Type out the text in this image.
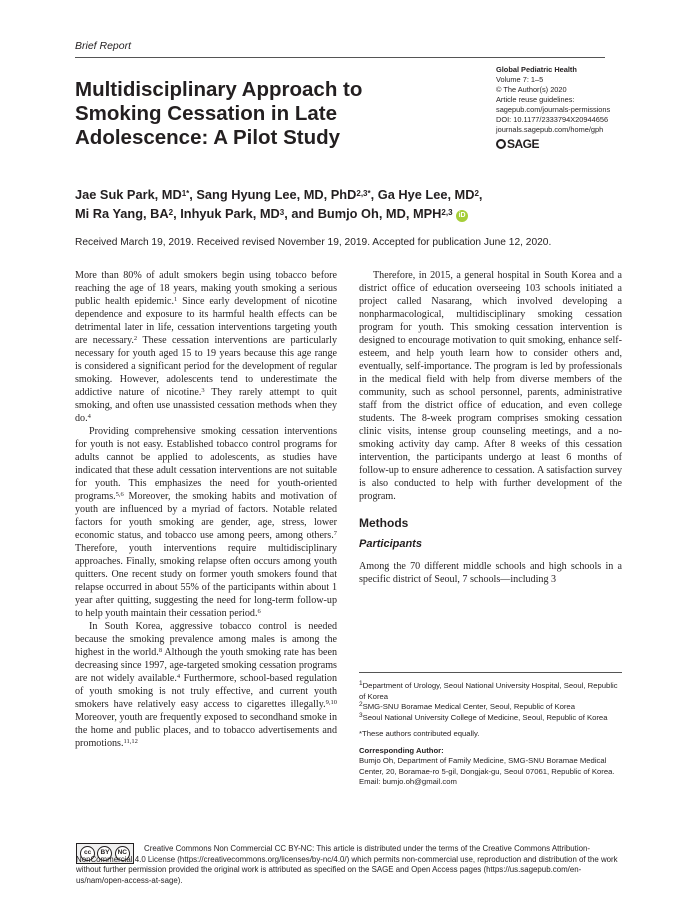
Brief Report
Multidisciplinary Approach to Smoking Cessation in Late Adolescence: A Pilot Study
Global Pediatric Health
Volume 7: 1–5
© The Author(s) 2020
Article reuse guidelines:
sagepub.com/journals-permissions
DOI: 10.1177/2333794X20944656
journals.sagepub.com/home/gph
SAGE
Jae Suk Park, $MD^{1*}$, Sang Hyung Lee, MD, PhD$^{2,3*}$, Ga Hye Lee, $MD^2$,
Mi Ra Yang, $BA^2$, Inhyuk Park, $MD^3$, and Bumjo Oh, MD, MPH$^{2,3}$ iD
Received March 19, 2019. Received revised November 19, 2019. Accepted for publication June 12, 2020.

More than 80% of adult smokers begin using tobacco before reaching the age of 18 years, making youth smoking a serious public health epidemic.$^1$ Since early development of nicotine dependence and exposure to its harmful health effects can be detrimental later in life, cessation interventions targeting youth are necessary.$^2$ These cessation interventions are particularly necessary for youth aged 15 to 19 years because this age range is considered a significant period for the development of regular smoking. However, adolescents tend to underestimate the addictive nature of nicotine.$^3$ They rarely attempt to quit smoking, and often use unassisted cessation methods when they do.$^4$

Providing comprehensive smoking cessation interventions for youth is not easy. Established tobacco control programs for adults cannot be applied to adolescents, as studies have indicated that these adult cessation interventions are not suitable for youth. This emphasizes the need for youth-oriented programs.$^{5,6}$ Moreover, the smoking habits and motivation of youth are influenced by a myriad of factors. Notable related factors for youth smoking are gender, age, stress, lower economic status, and tobacco use among peers, among others.$^7$ Therefore, youth interventions require multidisciplinary approaches. Finally, smoking relapse often occurs among youth quitters. One recent study on former youth smokers found that relapse occurred in about 55% of the participants within about 1 year after quitting, suggesting the need for long-term follow-up to help youth maintain their cessation period.$^6$

In South Korea, aggressive tobacco control is needed because the smoking prevalence among males is among the highest in the world.$^8$ Although the youth smoking rate has been decreasing since 1997, age-targeted smoking cessation programs are not widely available.$^4$ Furthermore, school-based regulation of youth smoking is not truly effective, and current youth smokers have relatively easy access to cigarettes illegally.$^{9,10}$ Moreover, youth are frequently exposed to secondhand smoke in the home and public places, and to tobacco advertisements and promotions.$^{11,12}$

Therefore, in 2015, a general hospital in South Korea and a district office of education overseeing 103 schools initiated a project called Nasarang, which involved developing a nonpharmacological, multidisciplinary smoking cessation program for youth. This smoking cessation intervention is designed to encourage motivation to quit smoking, enhance self-esteem, and help youth learn how to consider others and, eventually, self-importance. The program is led by professionals in the medical field with help from diverse members of the community, such as school personnel, parents, administrative staff from the district office of education, and even college students. The 8-week program comprises smoking cessation clinic visits, intense group counseling meetings, and a no-smoking activity day camp. After 8 weeks of this cessation intervention, the participants undergo at least 6 months of follow-up to ensure adherence to cessation. A satisfaction survey is also conducted to help with further development of the program.

Methods
Participants

Among the 70 different middle schools and high schools in a specific district of Seoul, 7 schools—including 3

$^1$Department of Urology, Seoul National University Hospital, Seoul, Republic of Korea
$^2$SMG-SNU Boramae Medical Center, Seoul, Republic of Korea
$^3$Seoul National University College of Medicine, Seoul, Republic of Korea
*These authors contributed equally.
Corresponding Author:
Bumjo Oh, Department of Family Medicine, SMG-SNU Boramae Medical Center, 20, Boramae-ro 5-gil, Dongjak-gu, Seoul 07061, Republic of Korea.
Email: bumjo.oh@gmail.com
cc	BY	NC	Creative Commons Non Commercial CC BY-NC: This article is distributed under the terms of the Creative Commons Attribution-NonCommercial 4.0 License (https://creativecommons.org/licenses/by-nc/4.0/) which permits non-commercial use, reproduction and distribution of the work without further permission provided the original work is attributed as specified on the SAGE and Open Access pages (https://us.sagepub.com/en-us/nam/open-access-at-sage).
